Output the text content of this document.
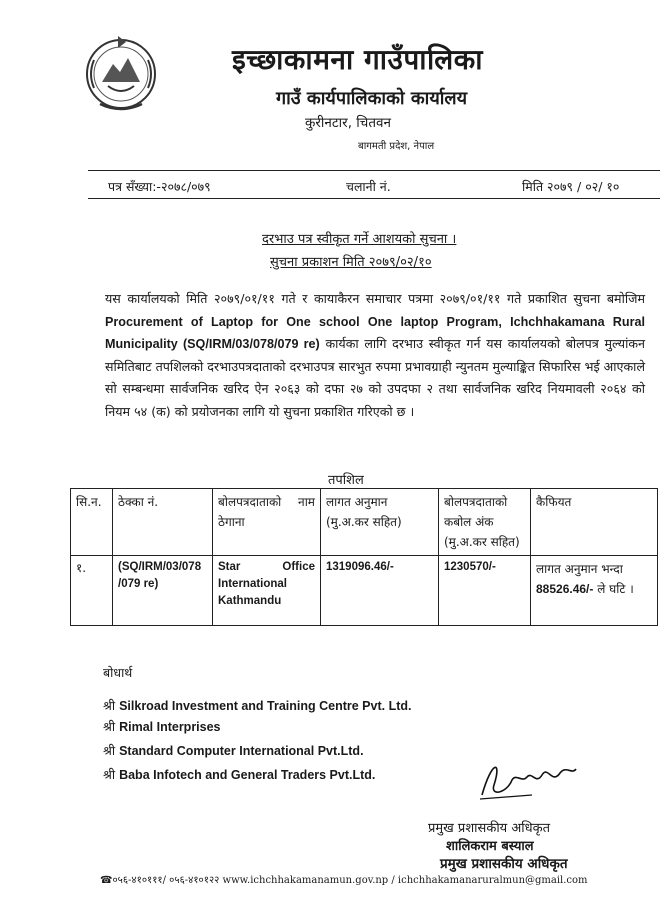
इच्छाकामना गाउँपालिका
गाउँ कार्यपालिकाको कार्यालय
कुरीनटार, चितवन
बागमती प्रदेश, नेपाल
पत्र सँख्या:-२०७८/०७९	चलानी नं.	मिति २०७९ / ०२/ १०
दरभाउ पत्र स्वीकृत गर्ने आशयको सुचना ।
सुचना प्रकाशन मिति २०७९/०२/१०
यस कार्यालयको मिति २०७९/०१/११ गते र कायाकैरन समाचार पत्रमा २०७९/०१/११ गते प्रकाशित सुचना बमोजिम Procurement of Laptop for One school One laptop Program, Ichchhakamana Rural Municipality (SQ/IRM/03/078/079 re) कार्यका लागि दरभाउ स्वीकृत गर्न यस कार्यालयको बोलपत्र मुल्यांकन समितिबाट तपशिलको दरभाउपत्रदाताको दरभाउपत्र सारभुत रुपमा प्रभावग्राही न्युनतम मुल्याङ्कित सिफारिस भई आएकाले सो सम्बन्धमा सार्वजनिक खरिद ऐन २०६३ को दफा २७ को उपदफा २ तथा सार्वजनिक खरिद नियमावली २०६४ को नियम ५४ (क) को प्रयोजनका लागि यो सुचना प्रकाशित गरिएको छ ।
तपशिल
सि.न.	ठेक्का नं.	बोलपत्रदाताको नाम ठेगाना	लागत अनुमान (मु.अ.कर सहित)	बोलपत्रदाताको कबोल अंक (मु.अ.कर सहित)	कैफियत
१.	(SQ/IRM/03/078 /079 re)	Star Office International Kathmandu	1319096.46/-	1230570/-	लागत अनुमान भन्दा 88526.46/- ले घटि ।
बोधार्थ
श्री Silkroad Investment and Training Centre Pvt. Ltd.
श्री Rimal Interprises
श्री Standard Computer International Pvt.Ltd.
श्री Baba Infotech and General Traders Pvt.Ltd.
प्रमुख प्रशासकीय अधिकृत
शालिकराम बस्याल
प्रमुख प्रशासकीय अधिकृत
☎०५६-४१०१११/ ०५६-४१०१२२ www.ichchhakamanamun.gov.np / ichchhakamanaruralmun@gmail.com
